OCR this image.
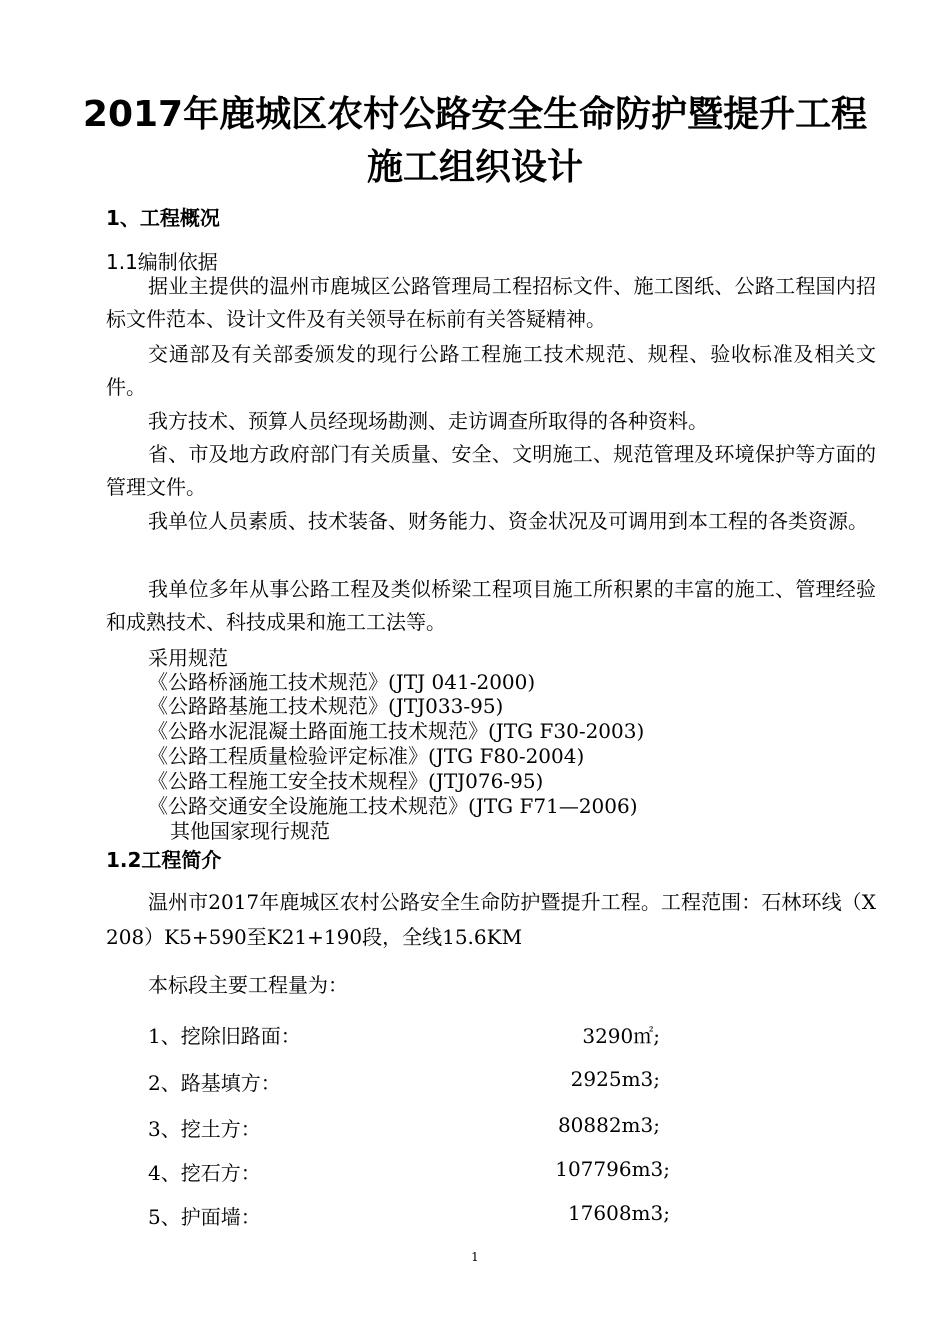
2017年鹿城区农村公路安全生命防护暨提升工程
施工组织设计
1、工程概况
1.1编制依据
据业主提供的温州市鹿城区公路管理局工程招标文件、施工图纸、公路工程国内招标文件范本、设计文件及有关领导在标前有关答疑精神。
交通部及有关部委颁发的现行公路工程施工技术规范、规程、验收标准及相关文件。
我方技术、预算人员经现场勘测、走访调查所取得的各种资料。
省、市及地方政府部门有关质量、安全、文明施工、规范管理及环境保护等方面的管理文件。
我单位人员素质、技术装备、财务能力、资金状况及可调用到本工程的各类资源。
我单位多年从事公路工程及类似桥梁工程项目施工所积累的丰富的施工、管理经验和成熟技术、科技成果和施工工法等。
采用规范
《公路桥涵施工技术规范》(JTJ 041-2000)
《公路路基施工技术规范》(JTJ033-95)
《公路水泥混凝土路面施工技术规范》(JTG F30-2003)
《公路工程质量检验评定标准》(JTG F80-2004)
《公路工程施工安全技术规程》(JTJ076-95)
《公路交通安全设施施工技术规范》(JTG F71—2006)
其他国家现行规范
1.2工程简介
温州市2017年鹿城区农村公路安全生命防护暨提升工程。工程范围：石林环线（X208）K5+590至K21+190段，全线15.6KM
本标段主要工程量为：
1、挖除旧路面：	3290㎡;
2、路基填方：	2925m3;
3、挖土方：	80882m3;
4、挖石方：	107796m3;
5、护面墙：	17608m3;
1
